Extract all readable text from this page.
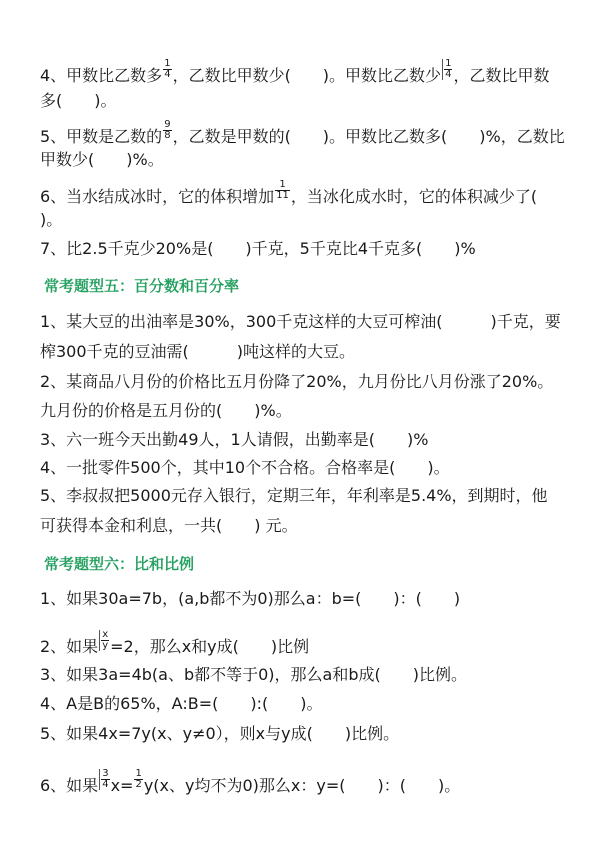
4、甲数比乙数多 $\frac{1}{4}$ ，乙数比甲数少(　　)。甲数比乙数少 $\frac{1}{4}$ ，乙数比甲数
多(　　)。
5、甲数是乙数的 $\frac{9}{8}$ ，乙数是甲数的(　　)。甲数比乙数多(　　)%，乙数比
甲数少(　　)%。
6、当水结成冰时，它的体积增加 $\frac{1}{11}$ ，当冰化成水时，它的体积减少了(
)。
7、比2.5千克少20%是(　　)千克，5千克比4千克多(　　)%
常考题型五：百分数和百分率
1、某大豆的出油率是30%，300千克这样的大豆可榨油(　　　)千克，要
榨300千克的豆油需(　　　)吨这样的大豆。
2、某商品八月份的价格比五月份降了20%，九月份比八月份涨了20%。
九月份的价格是五月份的(　　)%。
3、六一班今天出勤49人，1人请假，出勤率是(　　)%
4、一批零件500个，其中10个不合格。合格率是(　　)。
5、李叔叔把5000元存入银行，定期三年，年利率是5.4%，到期时，他
可获得本金和利息，一共(　　) 元。
常考题型六：比和比例
1、如果30a=7b，(a,b都不为0)那么a：b=(　　)：(　　)
2、如果 $\frac{x}{y} =2$，那么x和y成(　　)比例
3、如果3a=4b(a、b都不等于0)，那么a和b成(　　)比例。
4、A是B的65%，A:B=(　　):(　　)。
5、如果4x=7y(x、y≠0），则x与y成(　　)比例。
6、如果 $\frac{3}{4} x= \frac{1}{2} y(x$、y均不为0)那么x：y=(　　)：(　　)。
